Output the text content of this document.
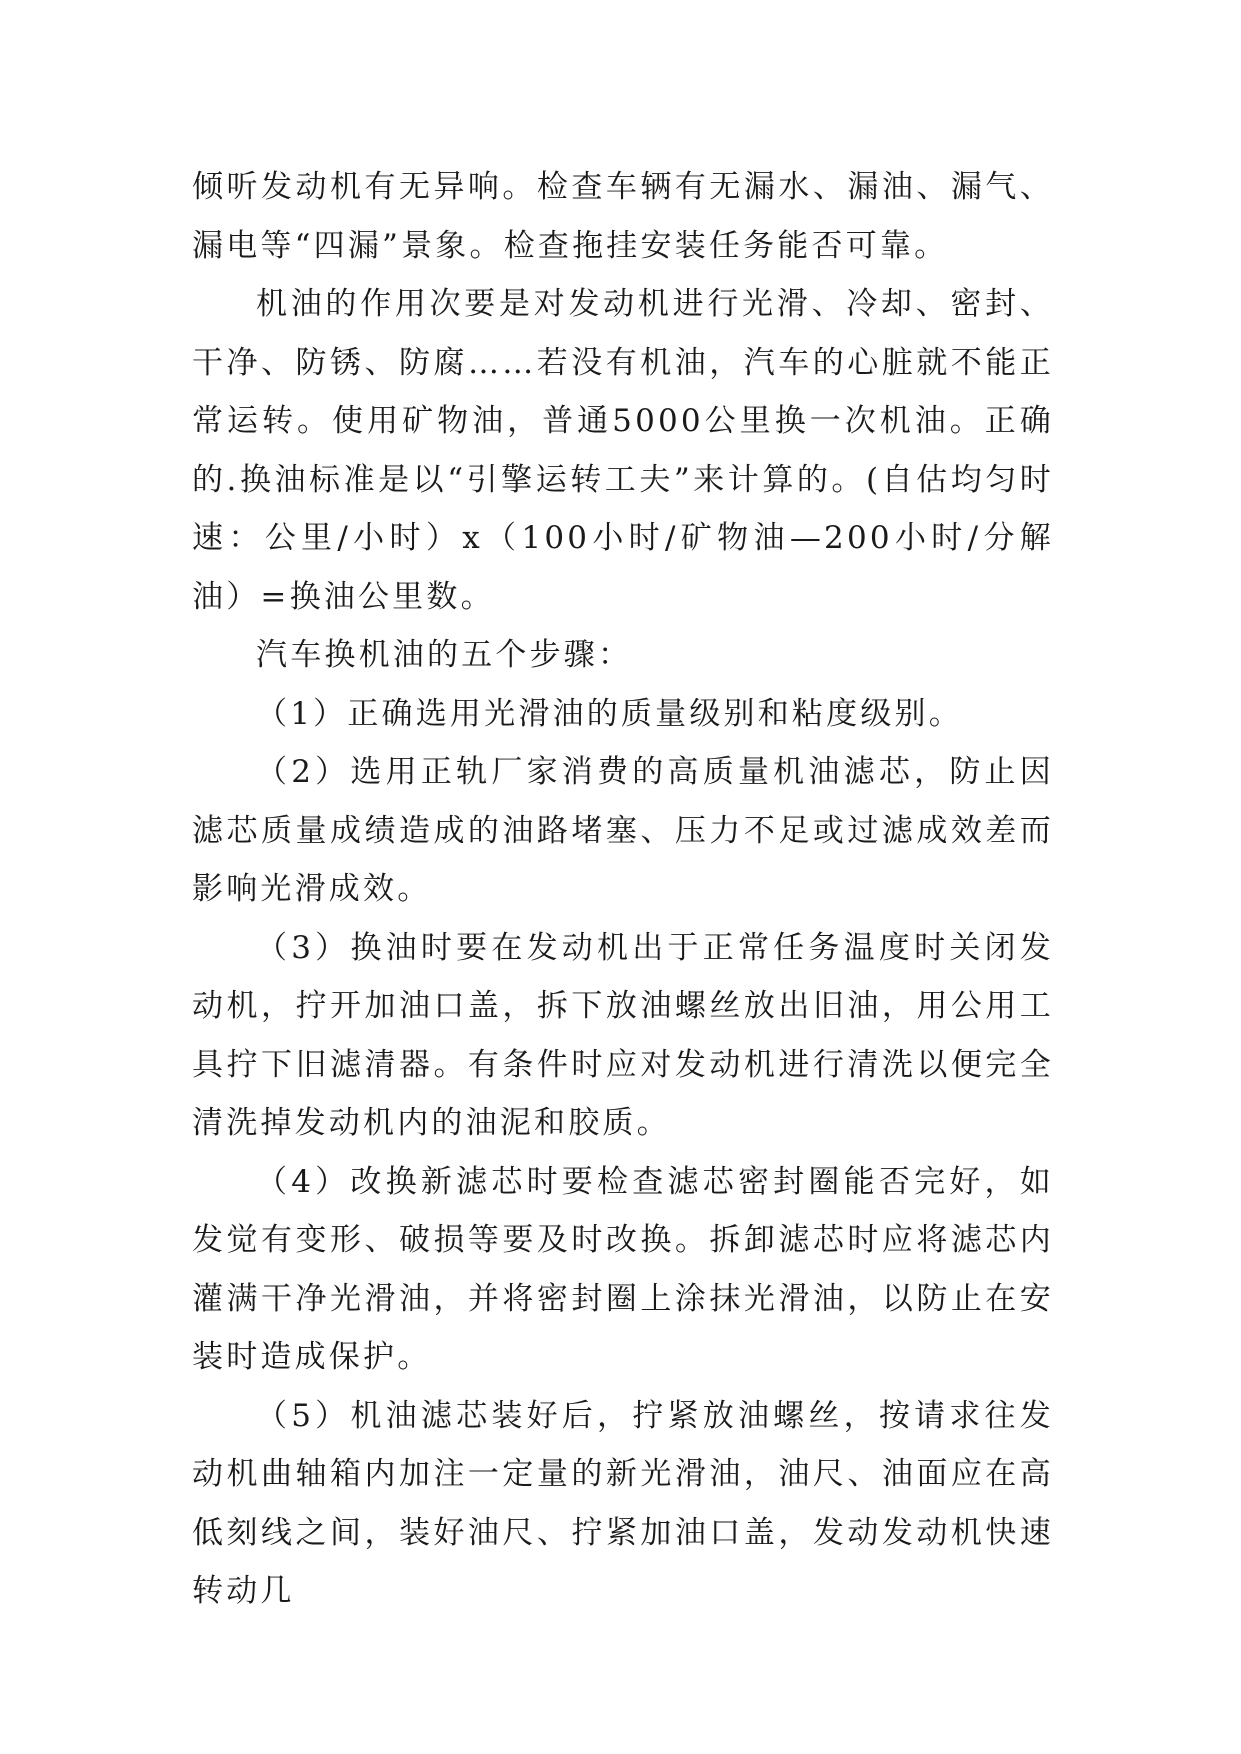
倾听发动机有无异响。检查车辆有无漏水、漏油、漏气、漏电等“四漏”景象。检查拖挂安装任务能否可靠。

机油的作用次要是对发动机进行光滑、冷却、密封、干净、防锈、防腐……若没有机油，汽车的心脏就不能正常运转。使用矿物油，普通5000公里换一次机油。正确的.换油标准是以“引擎运转工夫”来计算的。(自估均匀时速：公里/小时）x（100小时/矿物油—200小时/分解油）=换油公里数。

汽车换机油的五个步骤：

（1）正确选用光滑油的质量级别和粘度级别。

（2）选用正轨厂家消费的高质量机油滤芯，防止因滤芯质量成绩造成的油路堵塞、压力不足或过滤成效差而影响光滑成效。

（3）换油时要在发动机出于正常任务温度时关闭发动机，拧开加油口盖，拆下放油螺丝放出旧油，用公用工具拧下旧滤清器。有条件时应对发动机进行清洗以便完全清洗掉发动机内的油泥和胶质。

（4）改换新滤芯时要检查滤芯密封圈能否完好，如发觉有变形、破损等要及时改换。拆卸滤芯时应将滤芯内灌满干净光滑油，并将密封圈上涂抹光滑油，以防止在安装时造成保护。

（5）机油滤芯装好后，拧紧放油螺丝，按请求往发动机曲轴箱内加注一定量的新光滑油，油尺、油面应在高低刻线之间，装好油尺、拧紧加油口盖，发动发动机快速转动几
